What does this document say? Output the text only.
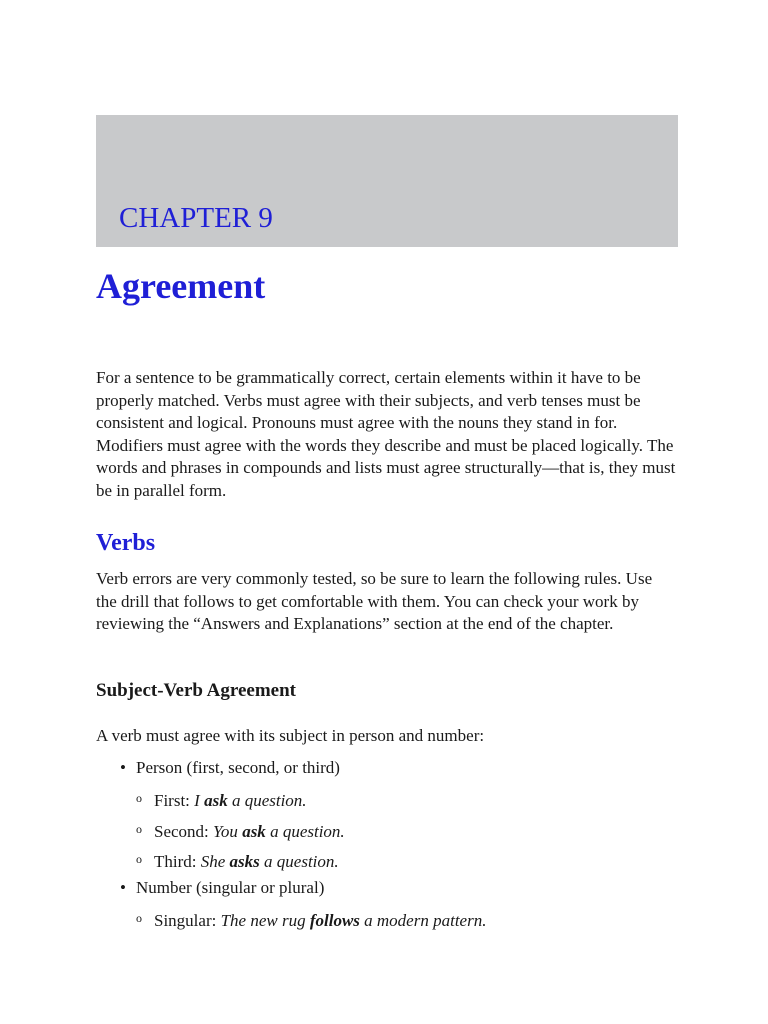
CHAPTER 9
Agreement

For a sentence to be grammatically correct, certain elements within it have to be properly matched. Verbs must agree with their subjects, and verb tenses must be consistent and logical. Pronouns must agree with the nouns they stand in for. Modifiers must agree with the words they describe and must be placed logically. The words and phrases in compounds and lists must agree structurally—that is, they must be in parallel form.

Verbs

Verb errors are very commonly tested, so be sure to learn the following rules. Use the drill that follows to get comfortable with them. You can check your work by reviewing the “Answers and Explanations” section at the end of the chapter.

Subject-Verb Agreement

A verb must agree with its subject in person and number:

• Person (first, second, or third)
o First: I ask a question.
o Second: You ask a question.
o Third: She asks a question.
• Number (singular or plural)
o Singular: The new rug follows a modern pattern.
